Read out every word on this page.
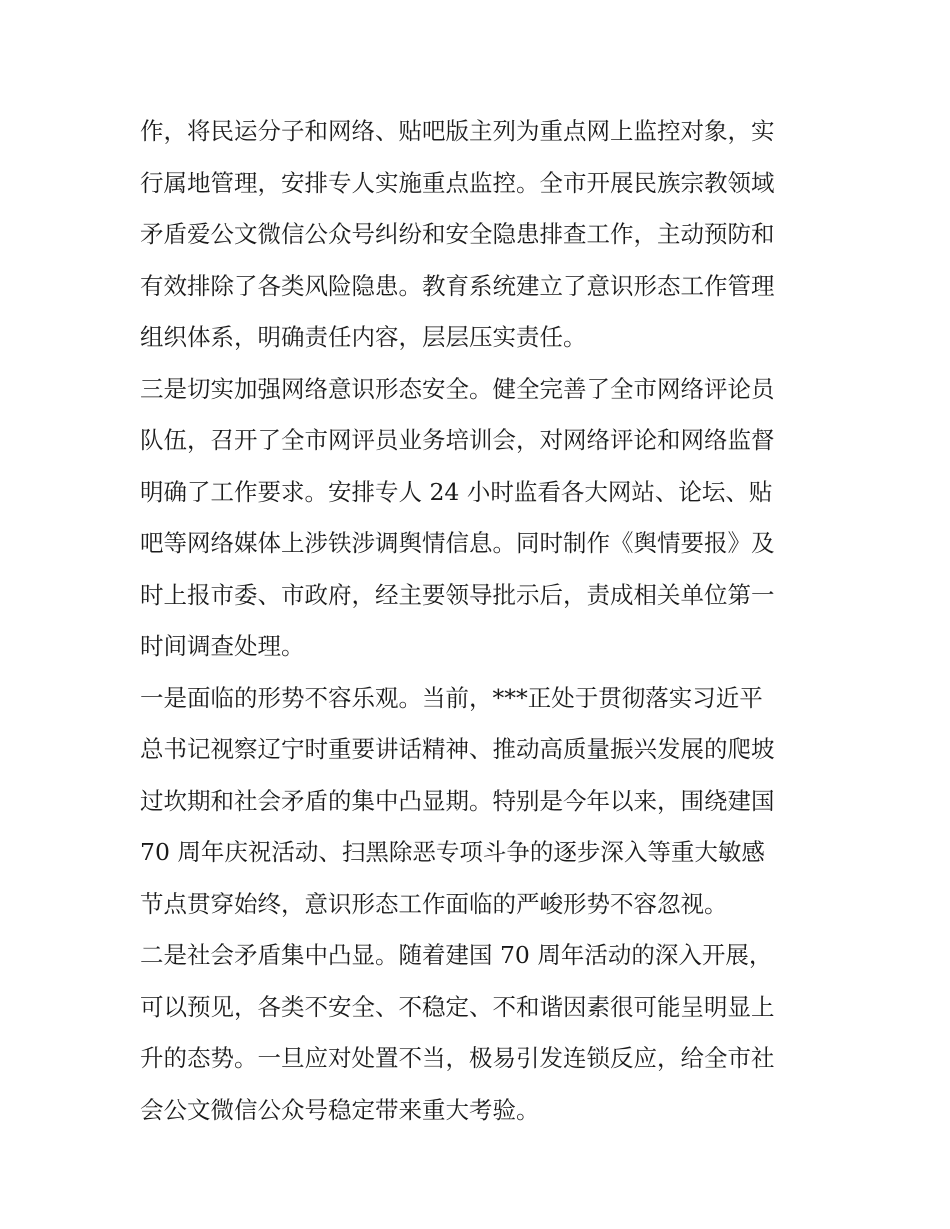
作，将民运分子和网络、贴吧版主列为重点网上监控对象，实
行属地管理，安排专人实施重点监控。全市开展民族宗教领域
矛盾爱公文微信公众号纠纷和安全隐患排查工作，主动预防和
有效排除了各类风险隐患。教育系统建立了意识形态工作管理
组织体系，明确责任内容，层层压实责任。
三是切实加强网络意识形态安全。健全完善了全市网络评论员
队伍，召开了全市网评员业务培训会，对网络评论和网络监督
明确了工作要求。安排专人 24 小时监看各大网站、论坛、贴
吧等网络媒体上涉铁涉调舆情信息。同时制作《舆情要报》及
时上报市委、市政府，经主要领导批示后，责成相关单位第一
时间调查处理。
一是面临的形势不容乐观。当前，***正处于贯彻落实习近平
总书记视察辽宁时重要讲话精神、推动高质量振兴发展的爬坡
过坎期和社会矛盾的集中凸显期。特别是今年以来，围绕建国
70 周年庆祝活动、扫黑除恶专项斗争的逐步深入等重大敏感
节点贯穿始终，意识形态工作面临的严峻形势不容忽视。
二是社会矛盾集中凸显。随着建国 70 周年活动的深入开展，
可以预见，各类不安全、不稳定、不和谐因素很可能呈明显上
升的态势。一旦应对处置不当，极易引发连锁反应，给全市社
会公文微信公众号稳定带来重大考验。
